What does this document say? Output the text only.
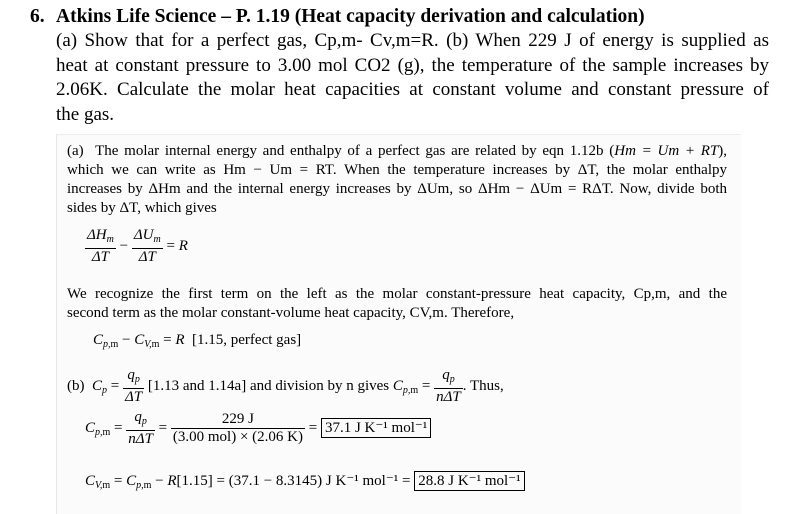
6. Atkins Life Science – P. 1.19 (Heat capacity derivation and calculation)
(a) Show that for a perfect gas, Cp,m- Cv,m=R. (b) When 229 J of energy is supplied as
heat at constant pressure to 3.00 mol CO2 (g), the temperature of the sample increases by
2.06K. Calculate the molar heat capacities at constant volume and constant pressure of
the gas.
(a) The molar internal energy and enthalpy of a perfect gas are related by eqn 1.12b (Hm = Um + RT),
which we can write as Hm − Um = RT. When the temperature increases by ΔT, the molar enthalpy
increases by ΔHm and the internal energy increases by ΔUm, so ΔHm − ΔUm = RΔT. Now, divide both
sides by ΔT, which gives
$\frac{\Delta H_m}{\Delta T} - \frac{\Delta U_m}{\Delta T} = R$
We recognize the first term on the left as the molar constant-pressure heat capacity, Cp,m, and the
second term as the molar constant-volume heat capacity, CV,m. Therefore,
$C_{p,m} - C_{V,m} = R$ [1.15, perfect gas]
(b) $C_p = \frac{q_p}{\Delta T} [1.13$ and 1.14a] and division by n gives $C_{p,m} = \frac{q_p}{\text{nΔT}}$ . Thus,
$C_{p,m} = \frac{q_p}{\text{nΔT}} = \frac{229 J}{\text{(3.00 mol) × (2.06 K)}} = 37.1$ J K⁻¹ mol⁻¹
$C_{V,m} = C_{p,m} - R[1.15] = (37.1 - 8.3145)$ J K⁻¹ mol⁻¹ = 28.8 J K⁻¹ mol⁻¹
